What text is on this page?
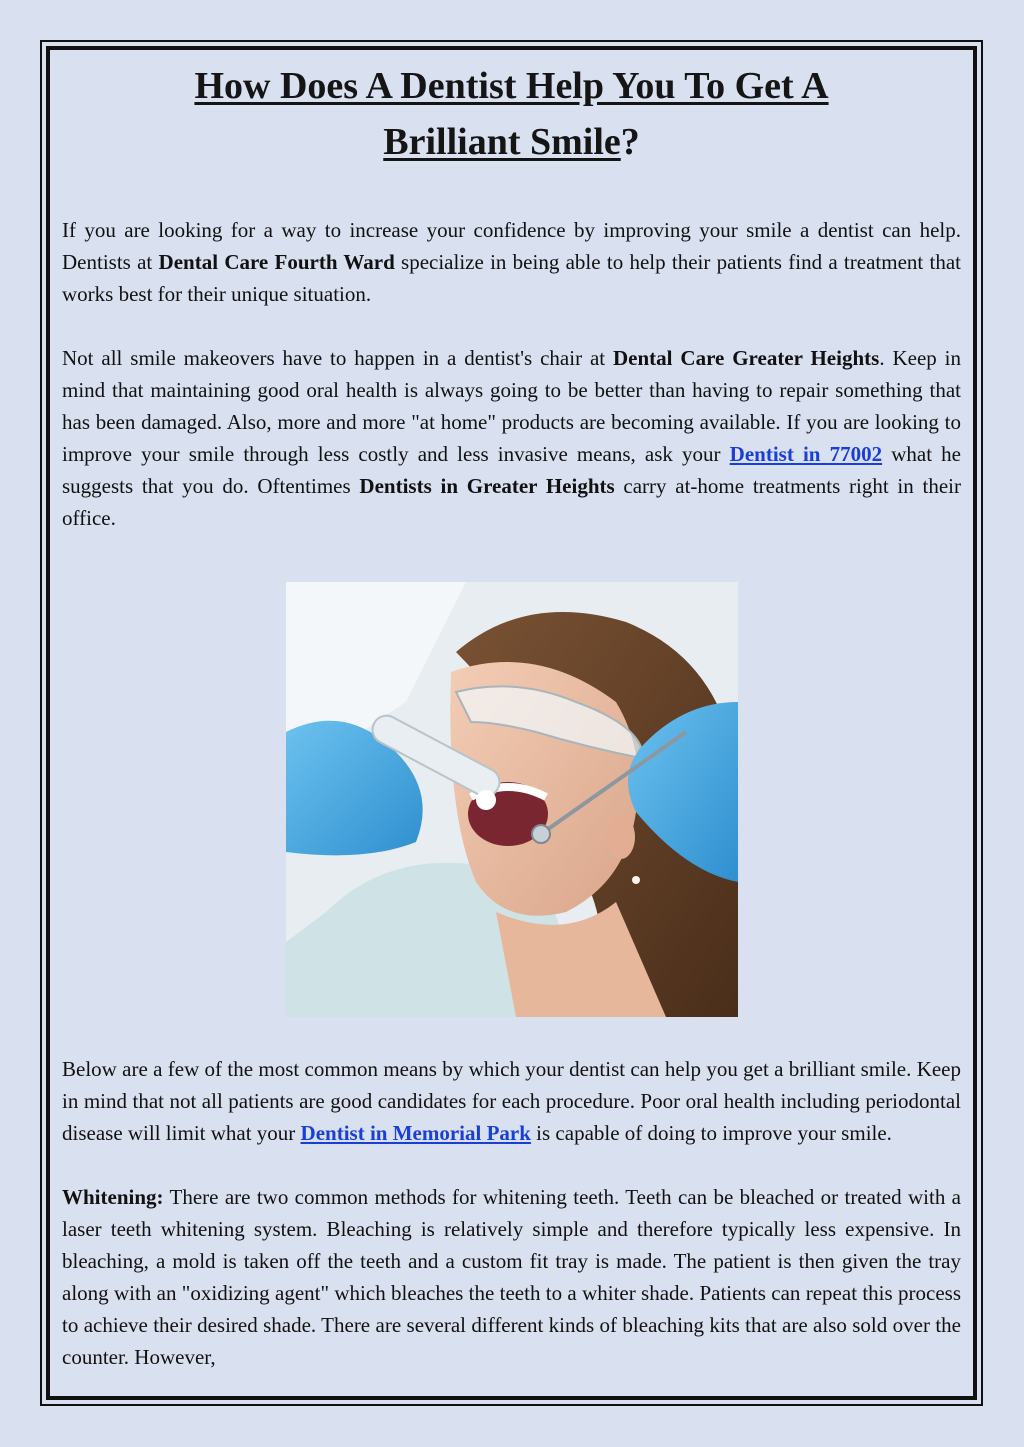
How Does A Dentist Help You To Get A
Brilliant Smile?

If you are looking for a way to increase your confidence by improving your smile a dentist can help. Dentists at Dental Care Fourth Ward specialize in being able to help their patients find a treatment that works best for their unique situation.

Not all smile makeovers have to happen in a dentist's chair at Dental Care Greater Heights. Keep in mind that maintaining good oral health is always going to be better than having to repair something that has been damaged. Also, more and more "at home" products are becoming available. If you are looking to improve your smile through less costly and less invasive means, ask your Dentist in 77002 what he suggests that you do. Oftentimes Dentists in Greater Heights carry at-home treatments right in their office.

Below are a few of the most common means by which your dentist can help you get a brilliant smile. Keep in mind that not all patients are good candidates for each procedure. Poor oral health including periodontal disease will limit what your Dentist in Memorial Park is capable of doing to improve your smile.

Whitening: There are two common methods for whitening teeth. Teeth can be bleached or treated with a laser teeth whitening system. Bleaching is relatively simple and therefore typically less expensive. In bleaching, a mold is taken off the teeth and a custom fit tray is made. The patient is then given the tray along with an "oxidizing agent" which bleaches the teeth to a whiter shade. Patients can repeat this process to achieve their desired shade. There are several different kinds of bleaching kits that are also sold over the counter. However,
